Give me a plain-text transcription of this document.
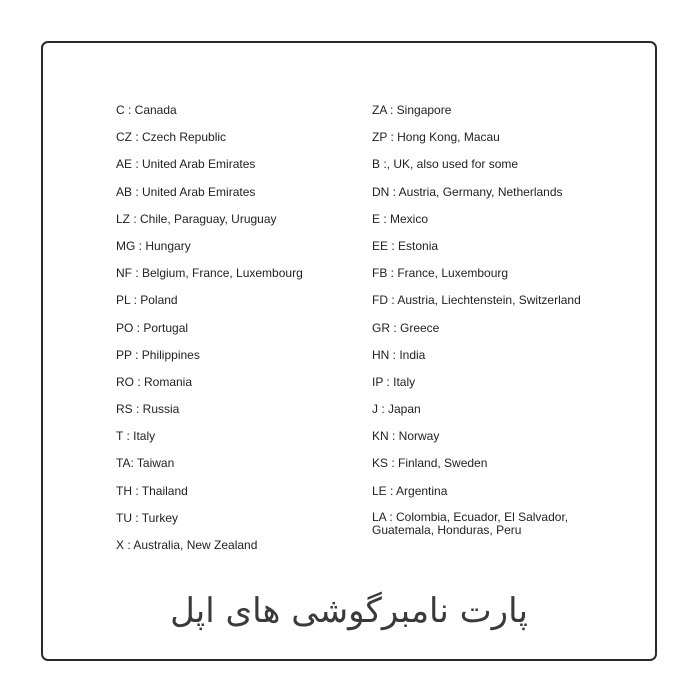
C : Canada
CZ : Czech Republic
AE : United Arab Emirates
AB : United Arab Emirates
LZ : Chile, Paraguay, Uruguay
MG : Hungary
NF : Belgium, France, Luxembourg
PL : Poland
PO : Portugal
PP : Philippines
RO : Romania
RS : Russia
T : Italy
TA: Taiwan
TH : Thailand
TU : Turkey
X : Australia, New Zealand
ZA : Singapore
ZP : Hong Kong, Macau
B :, UK, also used for some
DN : Austria, Germany, Netherlands
E : Mexico
EE : Estonia
FB : France, Luxembourg
FD : Austria, Liechtenstein, Switzerland
GR : Greece
HN : India
IP : Italy
J : Japan
KN : Norway
KS : Finland, Sweden
LE : Argentina
LA : Colombia, Ecuador, El Salvador, Guatemala, Honduras, Peru
پارت نامبرگوشی های اپل
